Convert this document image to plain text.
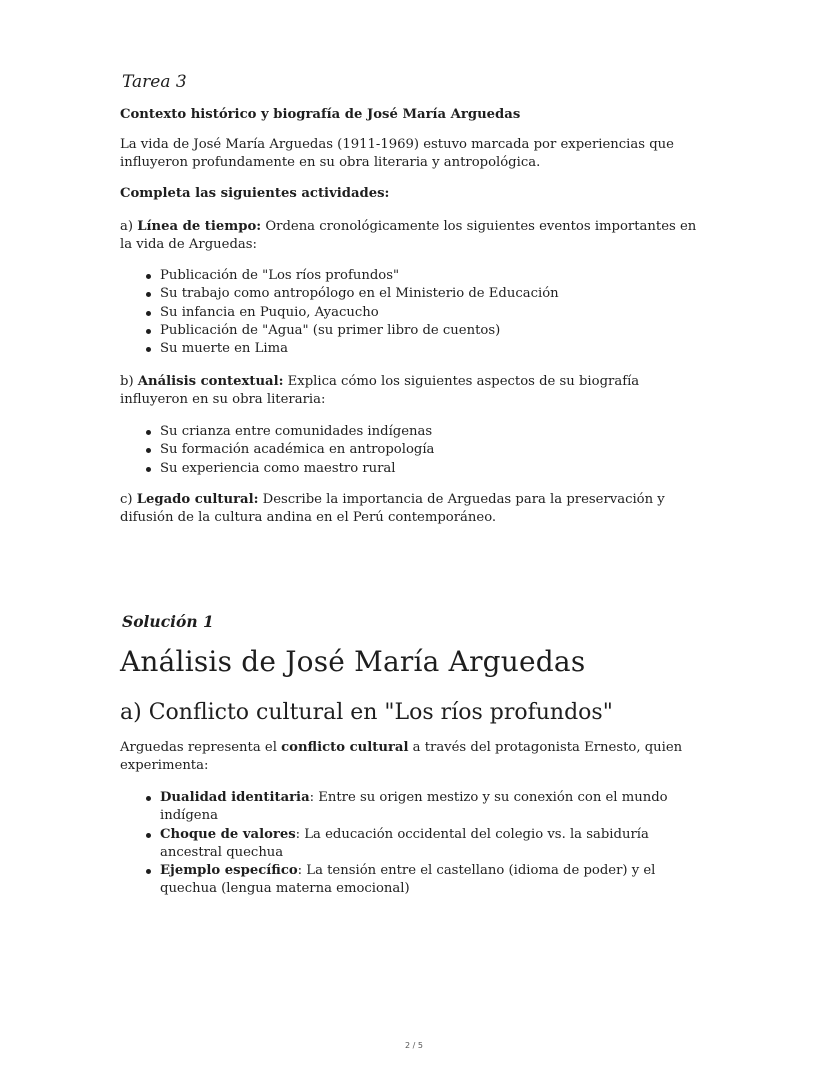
Tarea 3
Contexto histórico y biografía de José María Arguedas

La vida de José María Arguedas (1911-1969) estuvo marcada por experiencias que influyeron profundamente en su obra literaria y antropológica.

Completa las siguientes actividades:

a) Línea de tiempo: Ordena cronológicamente los siguientes eventos importantes en la vida de Arguedas:

Publicación de "Los ríos profundos"
Su trabajo como antropólogo en el Ministerio de Educación
Su infancia en Puquio, Ayacucho
Publicación de "Agua" (su primer libro de cuentos)
Su muerte en Lima

b) Análisis contextual: Explica cómo los siguientes aspectos de su biografía influyeron en su obra literaria:

Su crianza entre comunidades indígenas
Su formación académica en antropología
Su experiencia como maestro rural

c) Legado cultural: Describe la importancia de Arguedas para la preservación y difusión de la cultura andina en el Perú contemporáneo.

Solución 1
Análisis de José María Arguedas
a) Conflicto cultural en "Los ríos profundos"

Arguedas representa el conflicto cultural a través del protagonista Ernesto, quien experimenta:

Dualidad identitaria: Entre su origen mestizo y su conexión con el mundo indígena
Choque de valores: La educación occidental del colegio vs. la sabiduría ancestral quechua
Ejemplo específico: La tensión entre el castellano (idioma de poder) y el quechua (lengua materna emocional)
2 / 5
